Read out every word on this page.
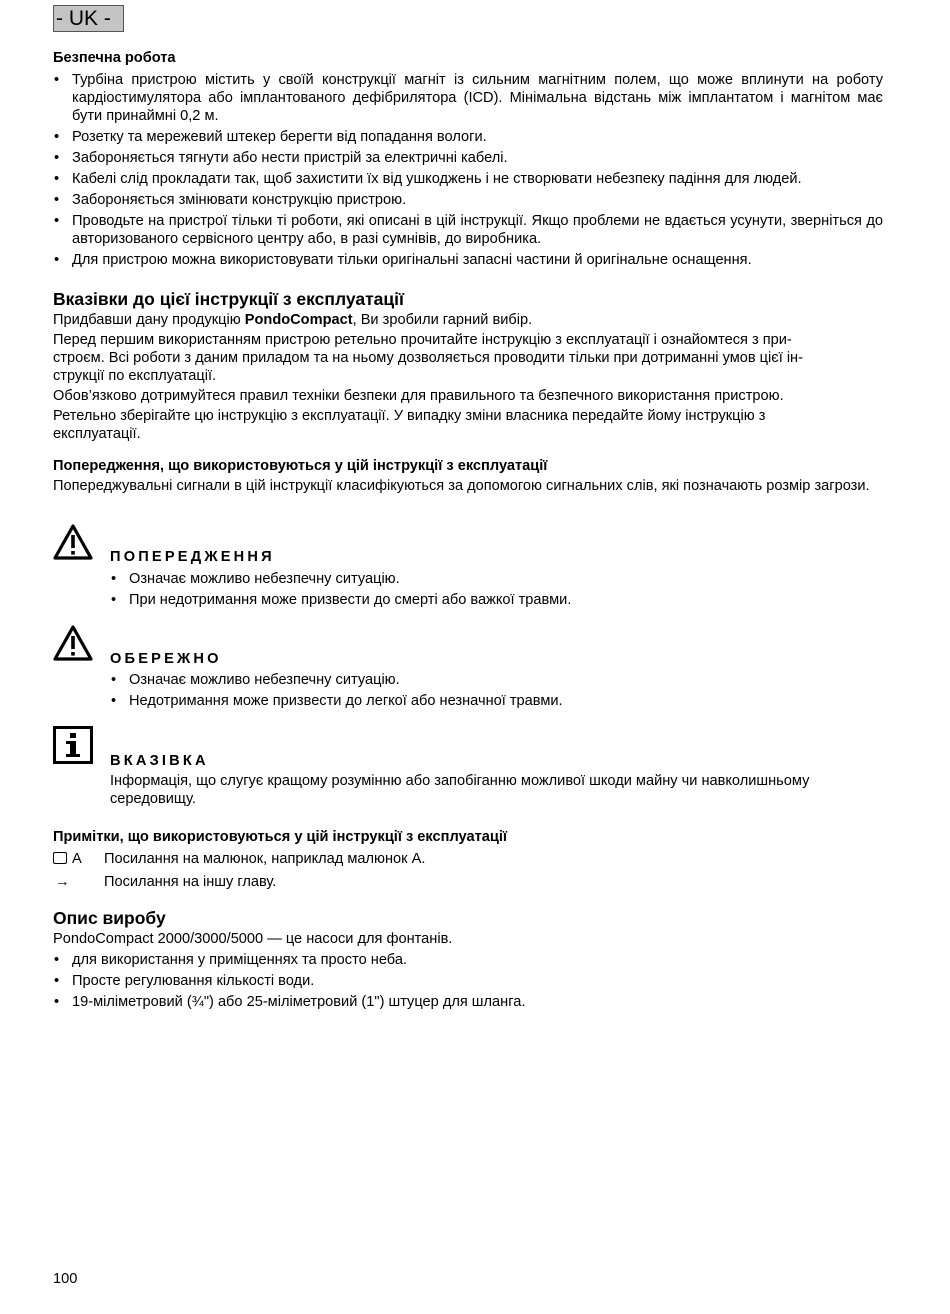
- UK -
Безпечна робота
• Турбіна пристрою містить у своїй конструкції магніт із сильним магнітним полем, що може вплинути на роботу кардіостимулятора або імплантованого дефібрилятора (ICD). Мінімальна відстань між імплантатом і магнітом має бути принаймні 0,2 м.
• Розетку та мережевий штекер берегти від попадання вологи.
• Забороняється тягнути або нести пристрій за електричні кабелі.
• Кабелі слід прокладати так, щоб захистити їх від ушкоджень і не створювати небезпеку падіння для людей.
• Забороняється змінювати конструкцію пристрою.
• Проводьте на пристрої тільки ті роботи, які описані в цій інструкції. Якщо проблеми не вдається усунути, зверніться до авторизованого сервісного центру або, в разі сумнівів, до виробника.
• Для пристрою можна використовувати тільки оригінальні запасні частини й оригінальне оснащення.
Вказівки до цієї інструкції з експлуатації

Придбавши дану продукцію PondoCompact, Ви зробили гарний вибір.

Перед першим використанням пристрою ретельно прочитайте інструкцію з експлуатації і ознайомтеся з при-
строєм. Всі роботи з даним приладом та на ньому дозволяється проводити тільки при дотриманні умов цієї ін-
струкції по експлуатації.

Обов’язково дотримуйтеся правил техніки безпеки для правильного та безпечного використання пристрою.

Ретельно зберігайте цю інструкцію з експлуатації. У випадку зміни власника передайте йому інструкцію з експлуатації.

Попередження, що використовуються у цій інструкції з експлуатації

Попереджувальні сигнали в цій інструкції класифікуються за допомогою сигнальних слів, які позначають розмір загрози.

ПОПЕРЕДЖЕННЯ
• Означає можливо небезпечну ситуацію.
• При недотримання може призвести до смерті або важкої травми.
ОБЕРЕЖНО
• Означає можливо небезпечну ситуацію.
• Недотримання може призвести до легкої або незначної травми.
ВКАЗІВКА

Інформація, що слугує кращому розумінню або запобіганню можливої шкоди майну чи навколишньому середовищу.

Примітки, що використовуються у цій інструкції з експлуатації
A Посилання на малюнок, наприклад малюнок А.
→ Посилання на іншу главу.
Опис виробу

PondoCompact 2000/3000/5000 — це насоси для фонтанів.

• для використання у приміщеннях та просто неба.
• Просте регулювання кількості води.
• 19-міліметровий (¾") або 25-міліметровий (1") штуцер для шланга.
100
